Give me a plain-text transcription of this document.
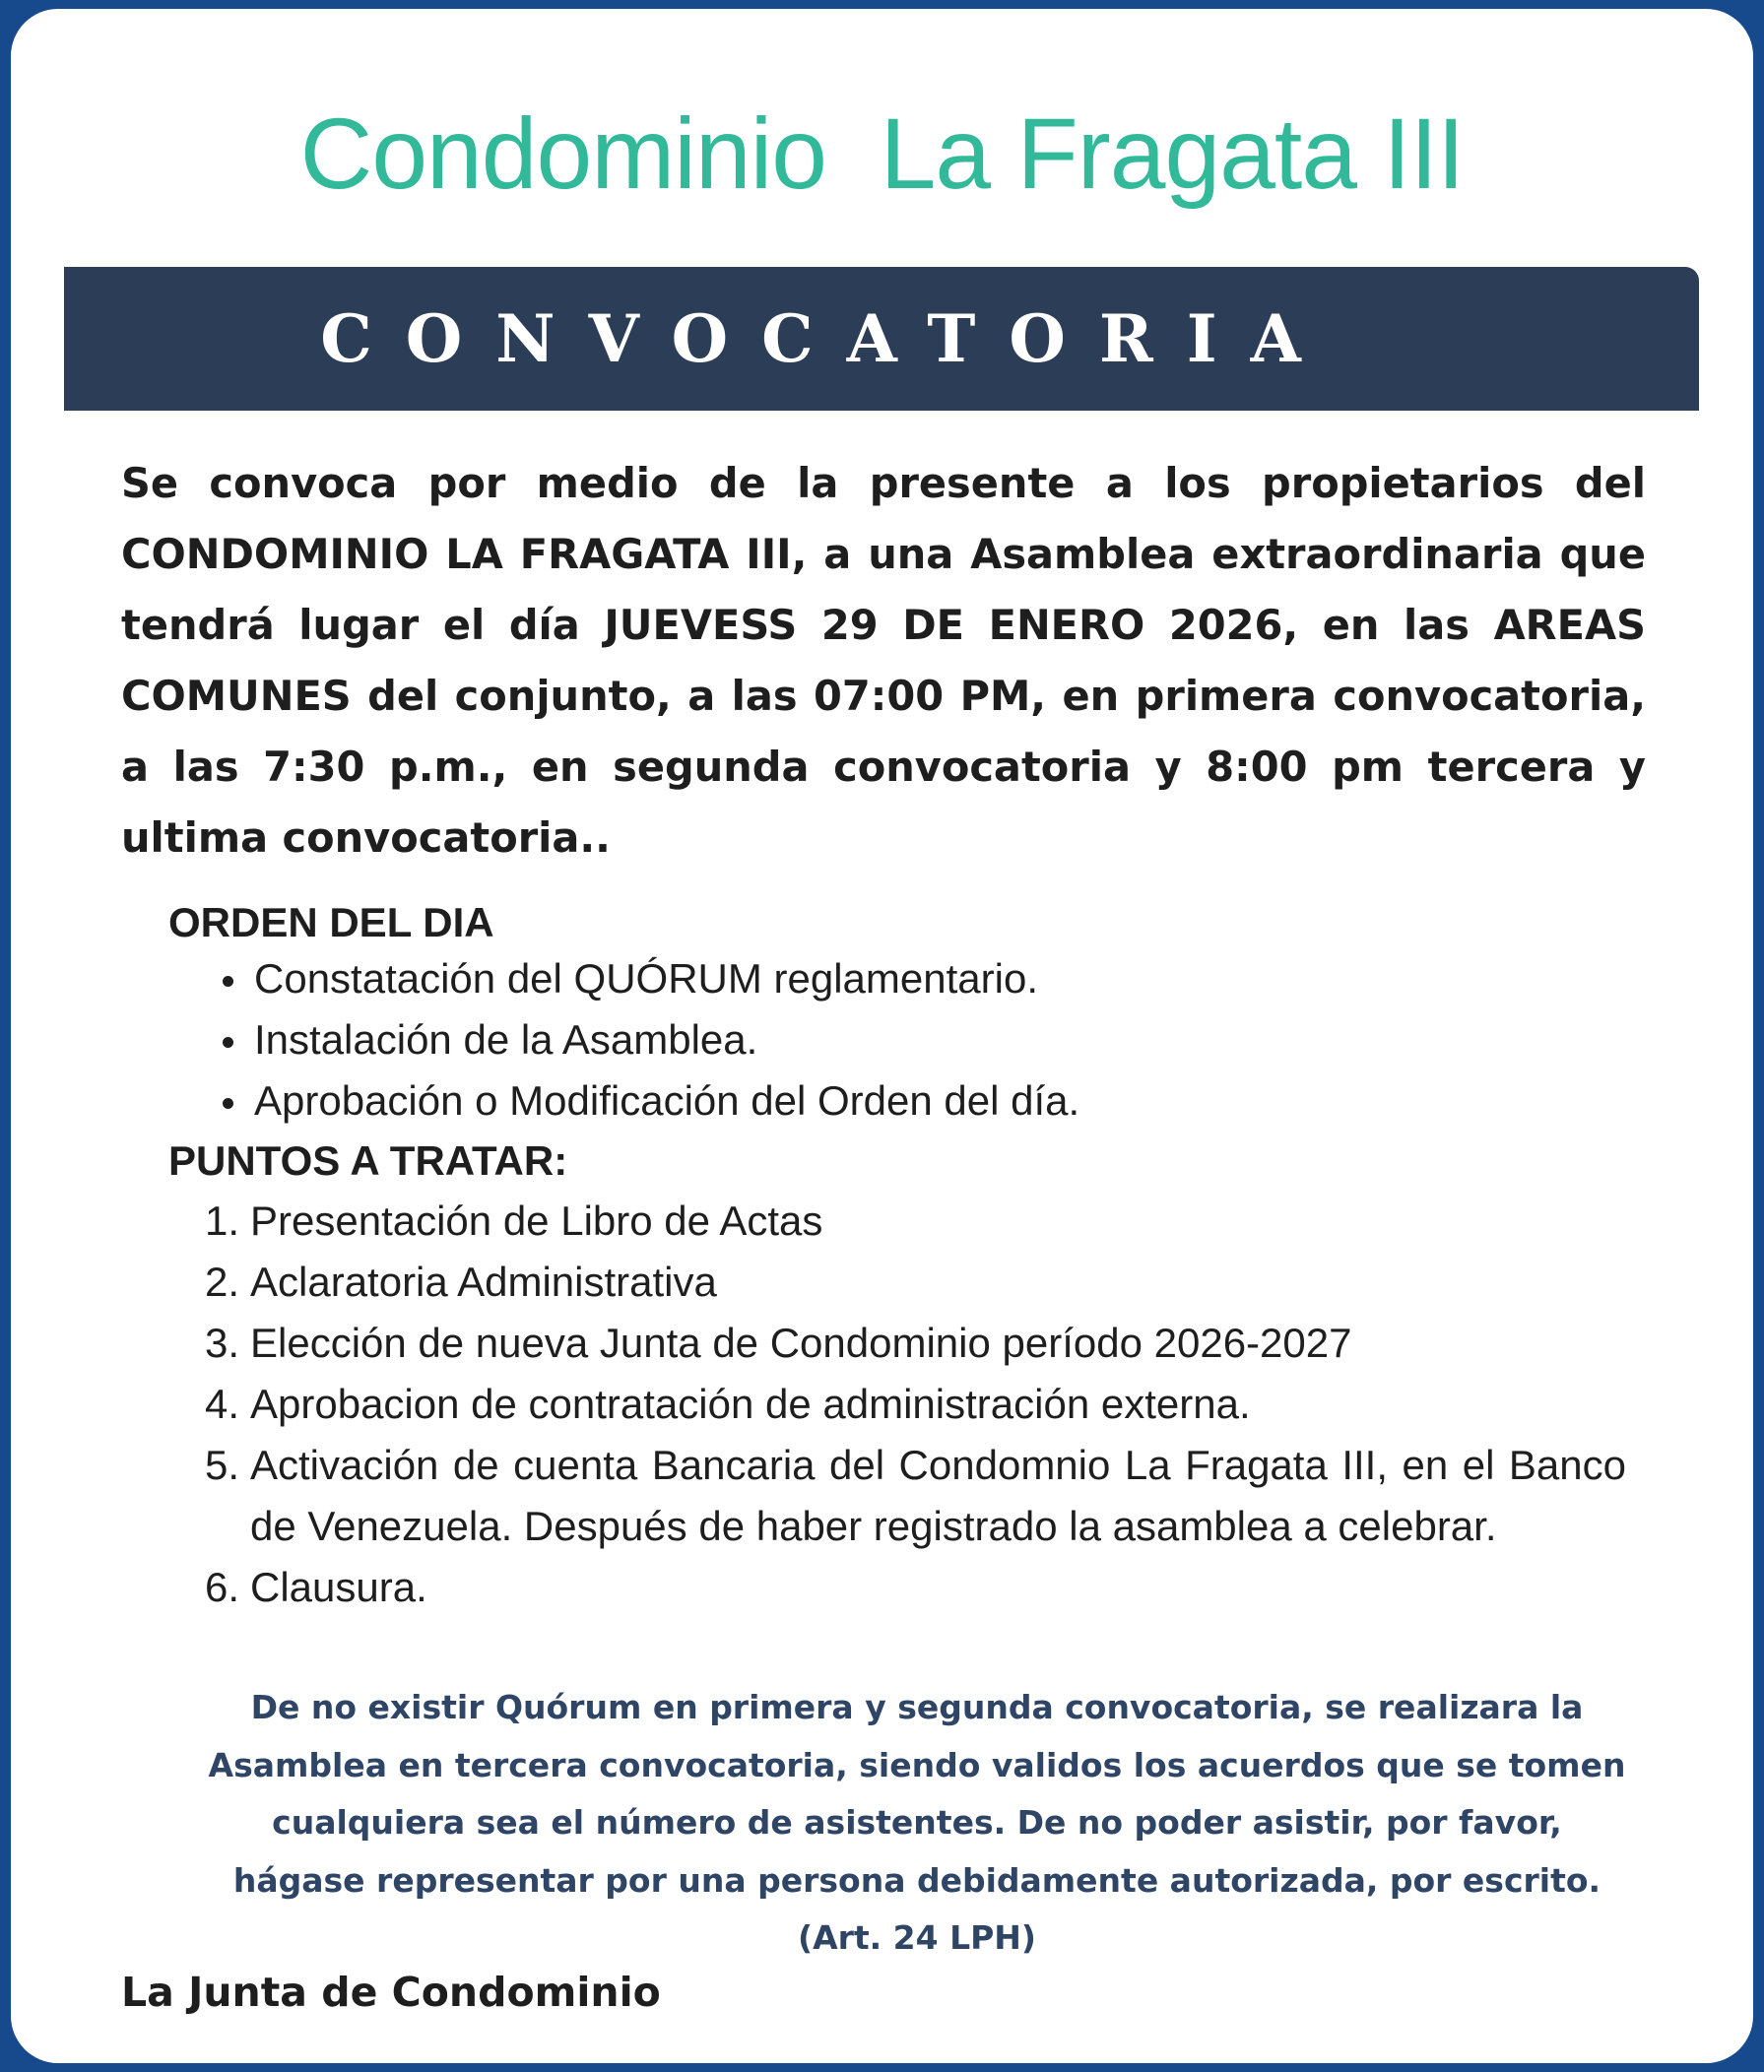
Condominio  La Fragata III
CONVOCATORIA

Se convoca por medio de la presente a los propietarios del CONDOMINIO LA FRAGATA III, a una Asamblea extraordinaria que tendrá lugar el día JUEVESS 29 DE ENERO 2026, en las AREAS COMUNES del conjunto, a las 07:00 PM, en primera convocatoria, a las 7:30 p.m., en segunda convocatoria y 8:00 pm tercera y ultima convocatoria..

ORDEN DEL DIA
Constatación del QUÓRUM reglamentario.
Instalación de la Asamblea.
Aprobación o Modificación del Orden del día.
PUNTOS A TRATAR:
1. Presentación de Libro de Actas
2. Aclaratoria Administrativa
3. Elección de nueva Junta de Condominio período 2026-2027
4. Aprobacion de contratación de administración externa.
5. Activación de cuenta Bancaria del Condomnio La Fragata III, en el Banco de Venezuela. Después de haber registrado la asamblea a celebrar.
6. Clausura.

De no existir Quórum en primera y segunda convocatoria, se realizara la Asamblea en tercera convocatoria, siendo validos los acuerdos que se tomen cualquiera sea el número de asistentes. De no poder asistir, por favor, hágase representar por una persona debidamente autorizada, por escrito. (Art. 24 LPH)

La Junta de Condominio
